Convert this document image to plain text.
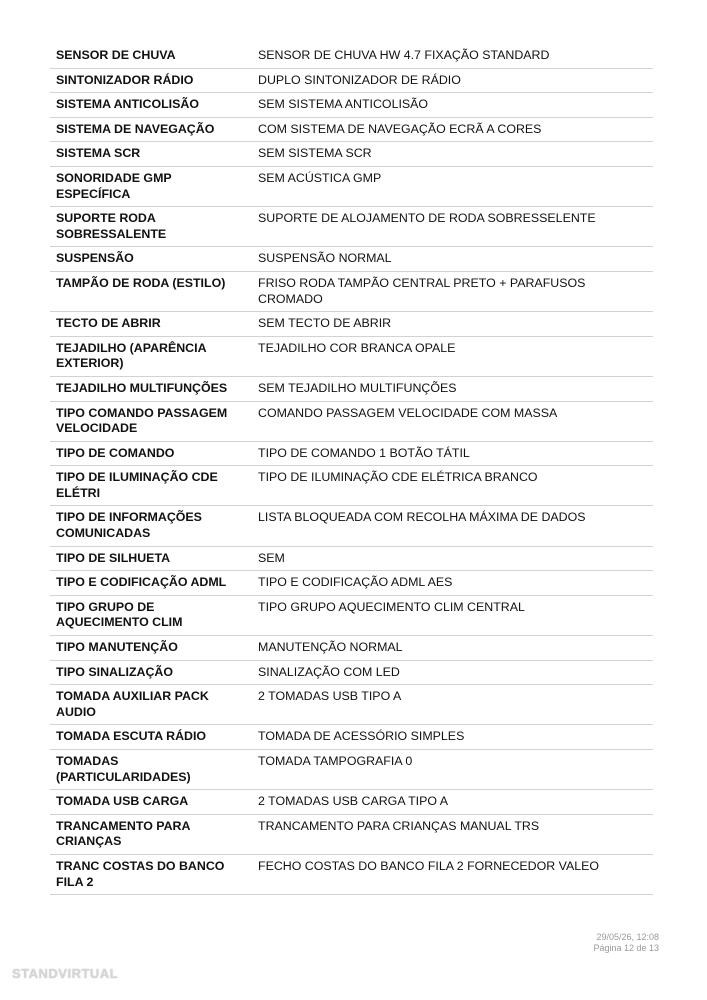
SENSOR DE CHUVA	SENSOR DE CHUVA HW 4.7 FIXAÇÃO STANDARD
SINTONIZADOR RÁDIO	DUPLO SINTONIZADOR DE RÁDIO
SISTEMA ANTICOLISÃO	SEM SISTEMA ANTICOLISÃO
SISTEMA DE NAVEGAÇÃO	COM SISTEMA DE NAVEGAÇÃO ECRÃ A CORES
SISTEMA SCR	SEM SISTEMA SCR
SONORIDADE GMP ESPECÍFICA	SEM ACÚSTICA GMP
SUPORTE RODA SOBRESSALENTE	SUPORTE DE ALOJAMENTO DE RODA SOBRESSELENTE
SUSPENSÃO	SUSPENSÃO NORMAL
TAMPÃO DE RODA (ESTILO)	FRISO RODA TAMPÃO CENTRAL PRETO + PARAFUSOS CROMADO
TECTO DE ABRIR	SEM TECTO DE ABRIR
TEJADILHO (APARÊNCIA EXTERIOR)	TEJADILHO COR BRANCA OPALE
TEJADILHO MULTIFUNÇÕES	SEM TEJADILHO MULTIFUNÇÕES
TIPO COMANDO PASSAGEM VELOCIDADE	COMANDO PASSAGEM VELOCIDADE COM MASSA
TIPO DE COMANDO	TIPO DE COMANDO 1 BOTÃO TÁTIL
TIPO DE ILUMINAÇÃO CDE ELÉTRI	TIPO DE ILUMINAÇÃO CDE ELÉTRICA BRANCO
TIPO DE INFORMAÇÕES COMUNICADAS	LISTA BLOQUEADA COM RECOLHA MÁXIMA DE DADOS
TIPO DE SILHUETA	SEM
TIPO E CODIFICAÇÃO ADML	TIPO E CODIFICAÇÃO ADML AES
TIPO GRUPO DE AQUECIMENTO CLIM	TIPO GRUPO AQUECIMENTO CLIM CENTRAL
TIPO MANUTENÇÃO	MANUTENÇÃO NORMAL
TIPO SINALIZAÇÃO	SINALIZAÇÃO COM LED
TOMADA AUXILIAR PACK AUDIO	2 TOMADAS USB TIPO A
TOMADA ESCUTA RÁDIO	TOMADA DE ACESSÓRIO SIMPLES
TOMADAS (PARTICULARIDADES)	TOMADA TAMPOGRAFIA 0
TOMADA USB CARGA	2 TOMADAS USB CARGA TIPO A
TRANCAMENTO PARA CRIANÇAS	TRANCAMENTO PARA CRIANÇAS MANUAL TRS
TRANC COSTAS DO BANCO FILA 2	FECHO COSTAS DO BANCO FILA 2 FORNECEDOR VALEO
29/05/26, 12:08
Página 12 de 13
STANDVIRTUAL
